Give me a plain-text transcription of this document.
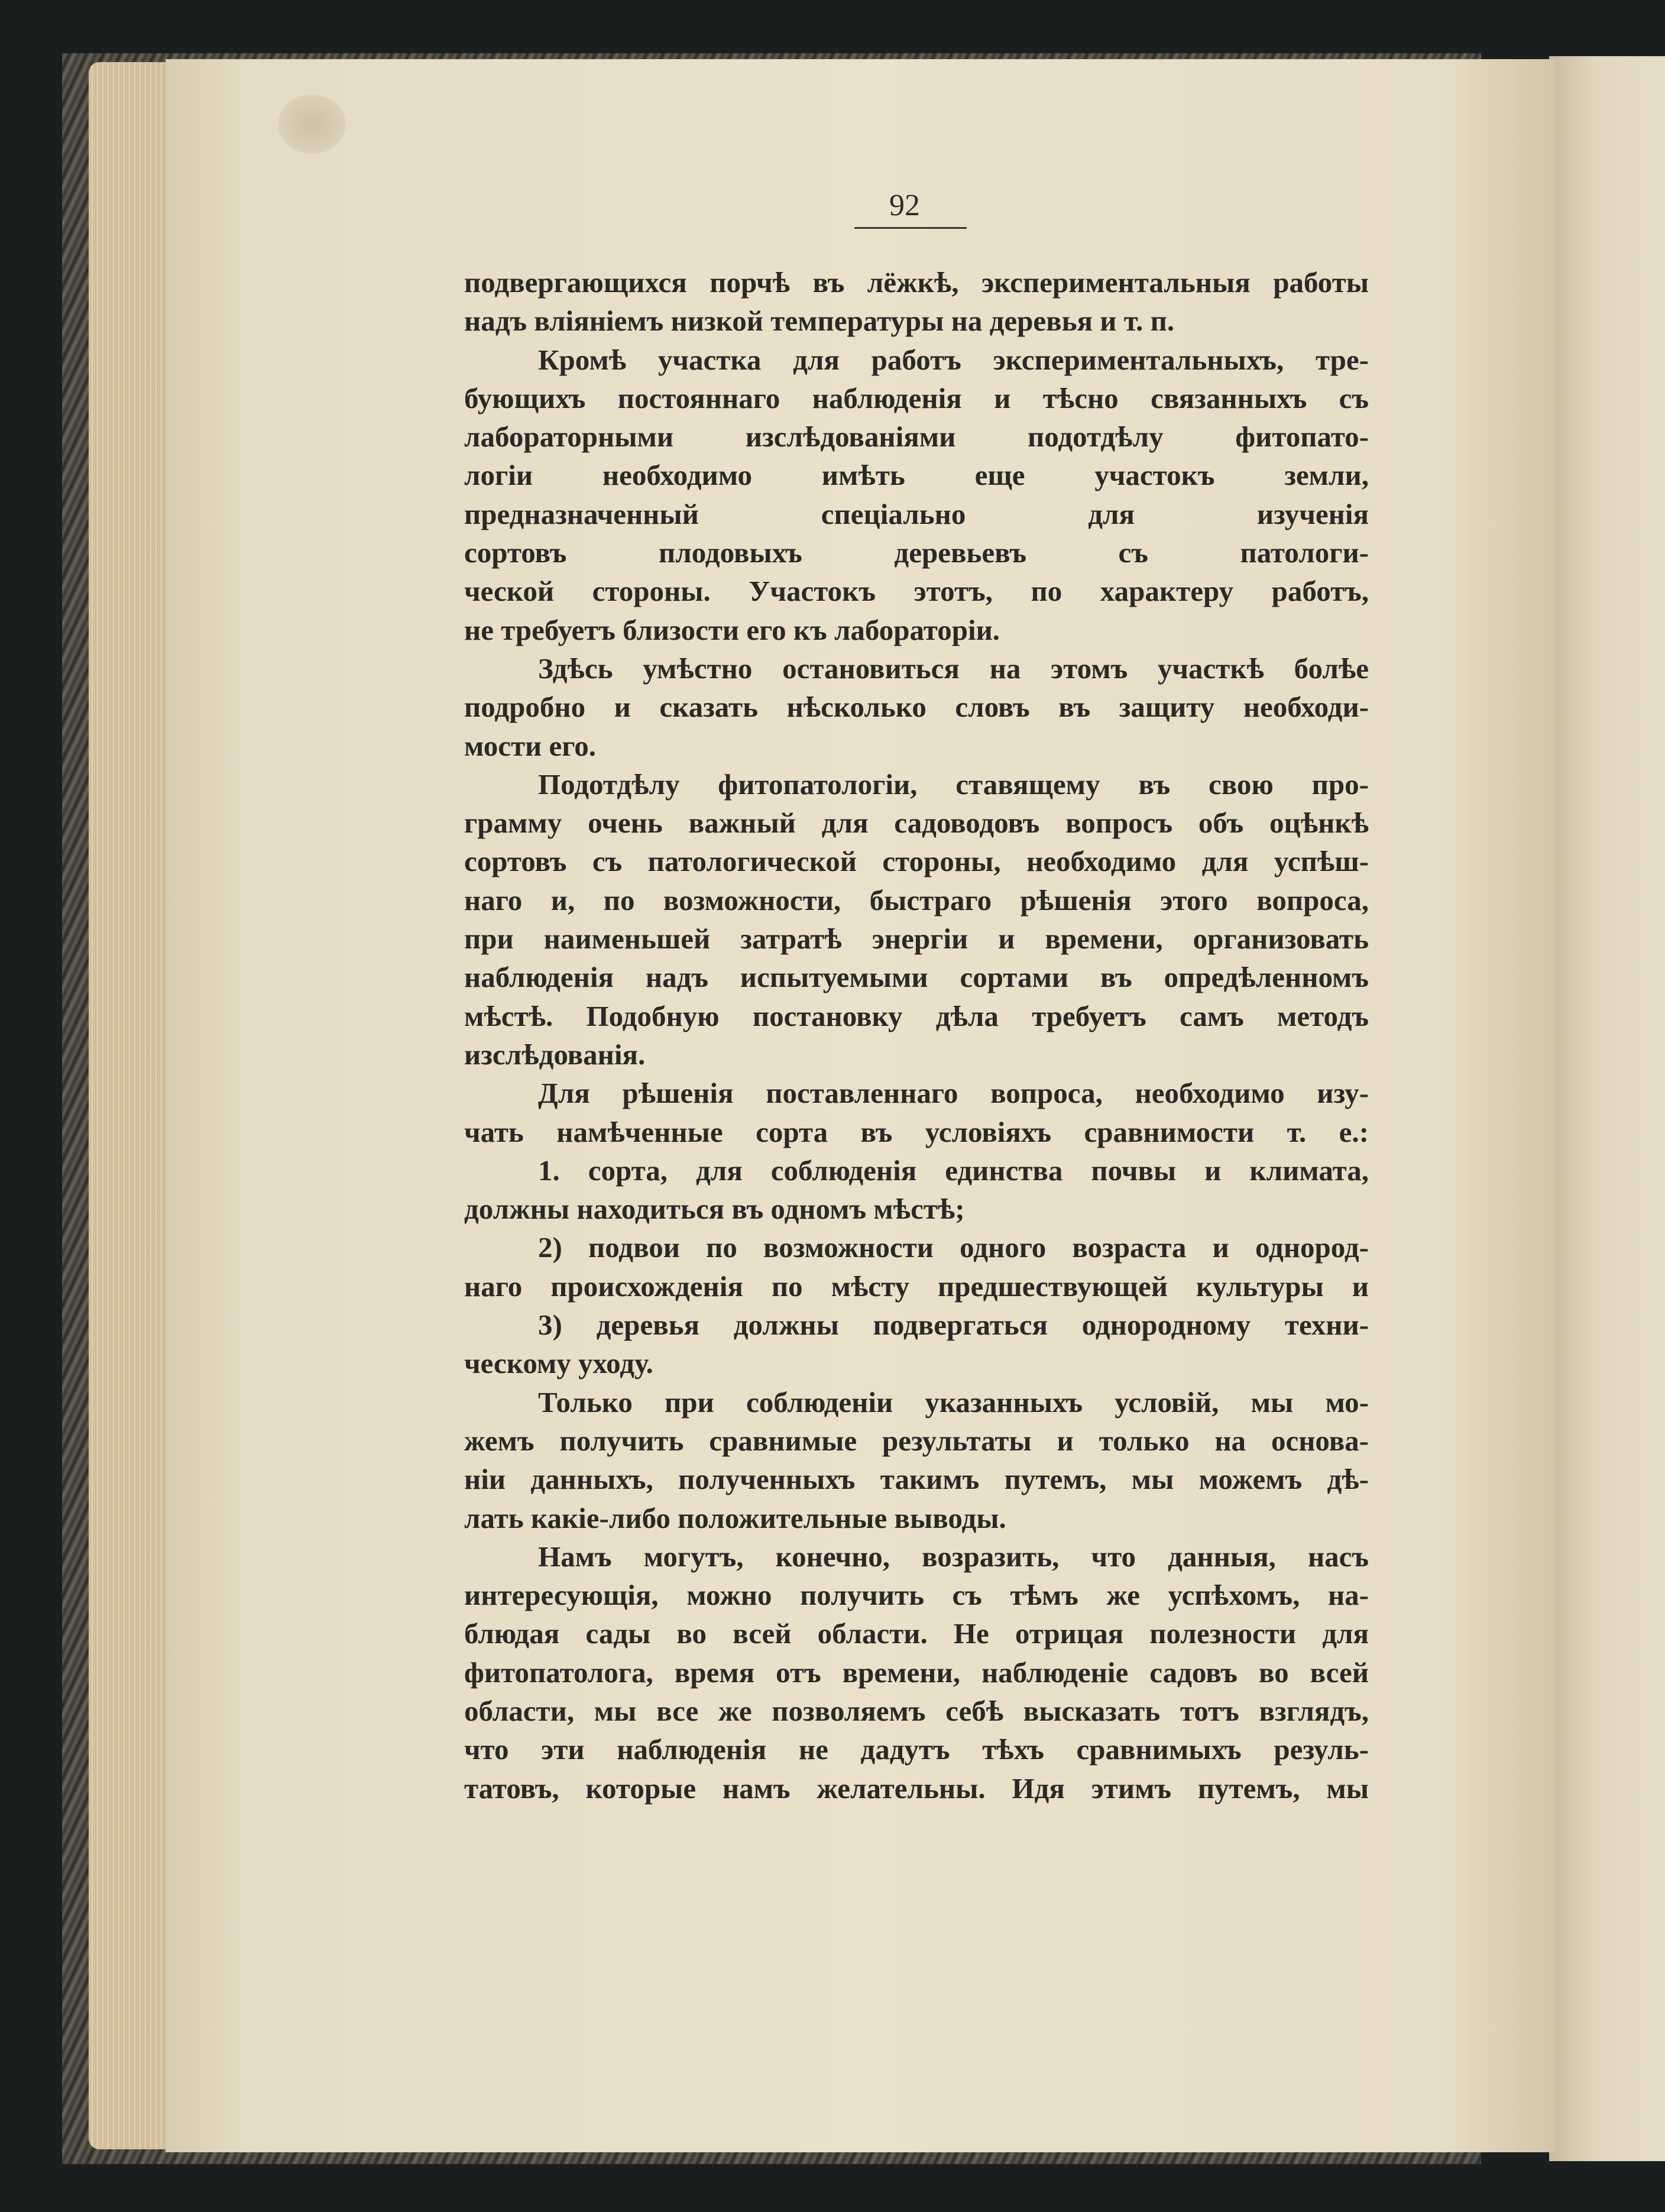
92
подвергающихся порчѣ въ лёжкѣ, экспериментальныя работы
надъ вліяніемъ низкой температуры на деревья и т. п.
Кромѣ участка для работъ экспериментальныхъ, тре-
бующихъ постояннаго наблюденія и тѣсно связанныхъ съ
лабораторными изслѣдованіями подотдѣлу фитопато-
логіи необходимо имѣть еще участокъ земли,
предназначенный спеціально для изученія
сортовъ плодовыхъ деревьевъ съ патологи-
ческой стороны. Участокъ этотъ, по характеру работъ,
не требуетъ близости его къ лабораторіи.
Здѣсь умѣстно остановиться на этомъ участкѣ болѣе
подробно и сказать нѣсколько словъ въ защиту необходи-
мости его.
Подотдѣлу фитопатологіи, ставящему въ свою про-
грамму очень важный для садоводовъ вопросъ объ оцѣнкѣ
сортовъ съ патологической стороны, необходимо для успѣш-
наго и, по возможности, быстраго рѣшенія этого вопроса,
при наименьшей затратѣ энергіи и времени, организовать
наблюденія надъ испытуемыми сортами въ опредѣленномъ
мѣстѣ. Подобную постановку дѣла требуетъ самъ методъ
изслѣдованія.
Для рѣшенія поставленнаго вопроса, необходимо изу-
чать намѣченные сорта въ условіяхъ сравнимости т. е.:
1. сорта, для соблюденія единства почвы и климата,
должны находиться въ одномъ мѣстѣ;
2) подвои по возможности одного возраста и однород-
наго происхожденія по мѣсту предшествующей культуры и
3) деревья должны подвергаться однородному техни-
ческому уходу.
Только при соблюденіи указанныхъ условій, мы мо-
жемъ получить сравнимые результаты и только на основа-
ніи данныхъ, полученныхъ такимъ путемъ, мы можемъ дѣ-
лать какіе-либо положительные выводы.
Намъ могутъ, конечно, возразить, что данныя, насъ
интересующія, можно получить съ тѣмъ же успѣхомъ, на-
блюдая сады во всей области. Не отрицая полезности для
фитопатолога, время отъ времени, наблюденіе садовъ во всей
области, мы все же позволяемъ себѣ высказать тотъ взглядъ,
что эти наблюденія не дадутъ тѣхъ сравнимыхъ резуль-
татовъ, которые намъ желательны. Идя этимъ путемъ, мы
